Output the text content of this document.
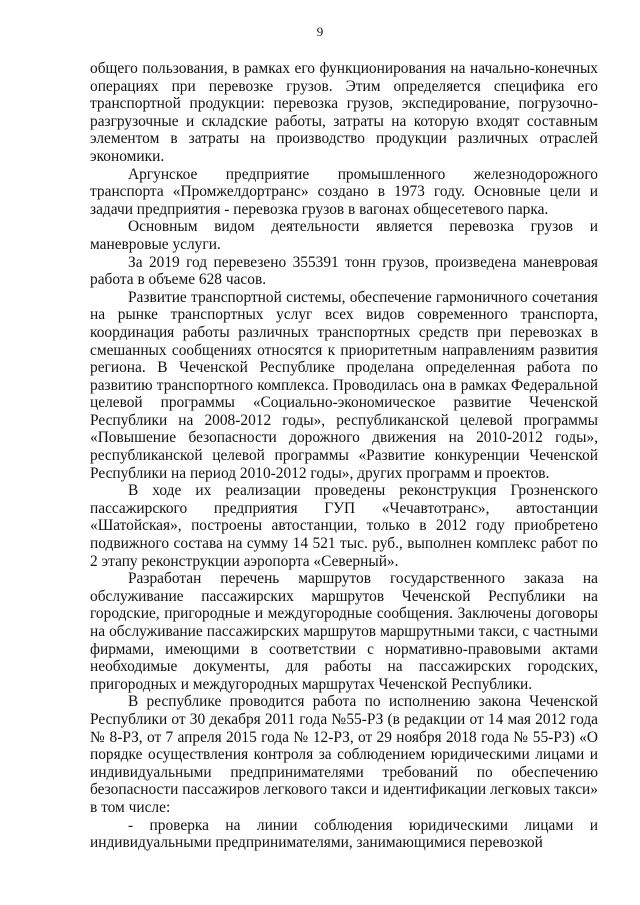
9

общего пользования, в рамках его функционирования на начально-конечных операциях при перевозке грузов. Этим определяется специфика его транспортной продукции: перевозка грузов, экспедирование, погрузочно-разгрузочные и складские работы, затраты на которую входят составным элементом в затраты на производство продукции различных отраслей экономики.

Аргунское предприятие промышленного железнодорожного транспорта «Промжелдортранс» создано в 1973 году. Основные цели и задачи предприятия - перевозка грузов в вагонах общесетевого парка.

Основным видом деятельности является перевозка грузов и маневровые услуги.

За 2019 год перевезено 355391 тонн грузов, произведена маневровая работа в объеме 628 часов.

Развитие транспортной системы, обеспечение гармоничного сочетания на рынке транспортных услуг всех видов современного транспорта, координация работы различных транспортных средств при перевозках в смешанных сообщениях относятся к приоритетным направлениям развития региона. В Чеченской Республике проделана определенная работа по развитию транспортного комплекса. Проводилась она в рамках Федеральной целевой программы «Социально-экономическое развитие Чеченской Республики на 2008-2012 годы», республиканской целевой программы «Повышение безопасности дорожного движения на 2010-2012 годы», республиканской целевой программы «Развитие конкуренции Чеченской Республики на период 2010-2012 годы», других программ и проектов.

В ходе их реализации проведены реконструкция Грозненского пассажирского предприятия ГУП «Чечавтотранс», автостанции «Шатойская», построены автостанции, только в 2012 году приобретено подвижного состава на сумму 14 521 тыс. руб., выполнен комплекс работ по 2 этапу реконструкции аэропорта «Северный».

Разработан перечень маршрутов государственного заказа на обслуживание пассажирских маршрутов Чеченской Республики на городские, пригородные и междугородные сообщения. Заключены договоры на обслуживание пассажирских маршрутов маршрутными такси, с частными фирмами, имеющими в соответствии с нормативно-правовыми актами необходимые документы, для работы на пассажирских городских, пригородных и междугородных маршрутах Чеченской Республики.

В республике проводится работа по исполнению закона Чеченской Республики от 30 декабря 2011 года №55-РЗ (в редакции от 14 мая 2012 года № 8-РЗ, от 7 апреля 2015 года № 12-РЗ, от 29 ноября 2018 года № 55-РЗ) «О порядке осуществления контроля за соблюдением юридическими лицами и индивидуальными предпринимателями требований по обеспечению безопасности пассажиров легкового такси и идентификации легковых такси» в том числе:

- проверка на линии соблюдения юридическими лицами и индивидуальными предпринимателями, занимающимися перевозкой
